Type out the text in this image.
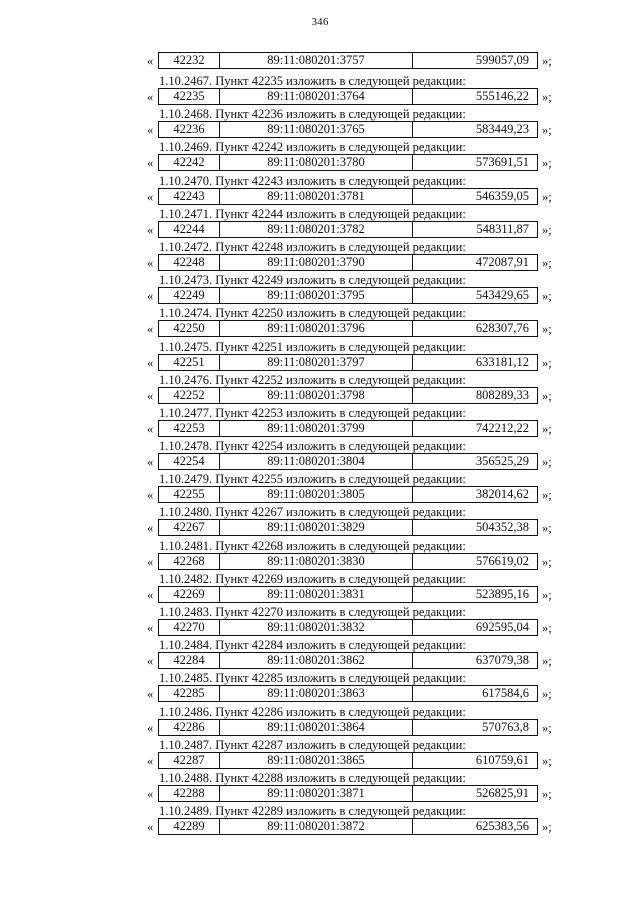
346
«	42232	89:11:080201:3757	599057,09	»;
1.10.2467. Пункт 42235 изложить в следующей редакции:
«	42235	89:11:080201:3764	555146,22	»;
1.10.2468. Пункт 42236 изложить в следующей редакции:
«	42236	89:11:080201:3765	583449,23	»;
1.10.2469. Пункт 42242 изложить в следующей редакции:
«	42242	89:11:080201:3780	573691,51	»;
1.10.2470. Пункт 42243 изложить в следующей редакции:
«	42243	89:11:080201:3781	546359,05	»;
1.10.2471. Пункт 42244 изложить в следующей редакции:
«	42244	89:11:080201:3782	548311,87	»;
1.10.2472. Пункт 42248 изложить в следующей редакции:
«	42248	89:11:080201:3790	472087,91	»;
1.10.2473. Пункт 42249 изложить в следующей редакции:
«	42249	89:11:080201:3795	543429,65	»;
1.10.2474. Пункт 42250 изложить в следующей редакции:
«	42250	89:11:080201:3796	628307,76	»;
1.10.2475. Пункт 42251 изложить в следующей редакции:
«	42251	89:11:080201:3797	633181,12	»;
1.10.2476. Пункт 42252 изложить в следующей редакции:
«	42252	89:11:080201:3798	808289,33	»;
1.10.2477. Пункт 42253 изложить в следующей редакции:
«	42253	89:11:080201:3799	742212,22	»;
1.10.2478. Пункт 42254 изложить в следующей редакции:
«	42254	89:11:080201:3804	356525,29	»;
1.10.2479. Пункт 42255 изложить в следующей редакции:
«	42255	89:11:080201:3805	382014,62	»;
1.10.2480. Пункт 42267 изложить в следующей редакции:
«	42267	89:11:080201:3829	504352,38	»;
1.10.2481. Пункт 42268 изложить в следующей редакции:
«	42268	89:11:080201:3830	576619,02	»;
1.10.2482. Пункт 42269 изложить в следующей редакции:
«	42269	89:11:080201:3831	523895,16	»;
1.10.2483. Пункт 42270 изложить в следующей редакции:
«	42270	89:11:080201:3832	692595,04	»;
1.10.2484. Пункт 42284 изложить в следующей редакции:
«	42284	89:11:080201:3862	637079,38	»;
1.10.2485. Пункт 42285 изложить в следующей редакции:
«	42285	89:11:080201:3863	617584,6	»;
1.10.2486. Пункт 42286 изложить в следующей редакции:
«	42286	89:11:080201:3864	570763,8	»;
1.10.2487. Пункт 42287 изложить в следующей редакции:
«	42287	89:11:080201:3865	610759,61	»;
1.10.2488. Пункт 42288 изложить в следующей редакции:
«	42288	89:11:080201:3871	526825,91	»;
1.10.2489. Пункт 42289 изложить в следующей редакции:
«	42289	89:11:080201:3872	625383,56	»;
